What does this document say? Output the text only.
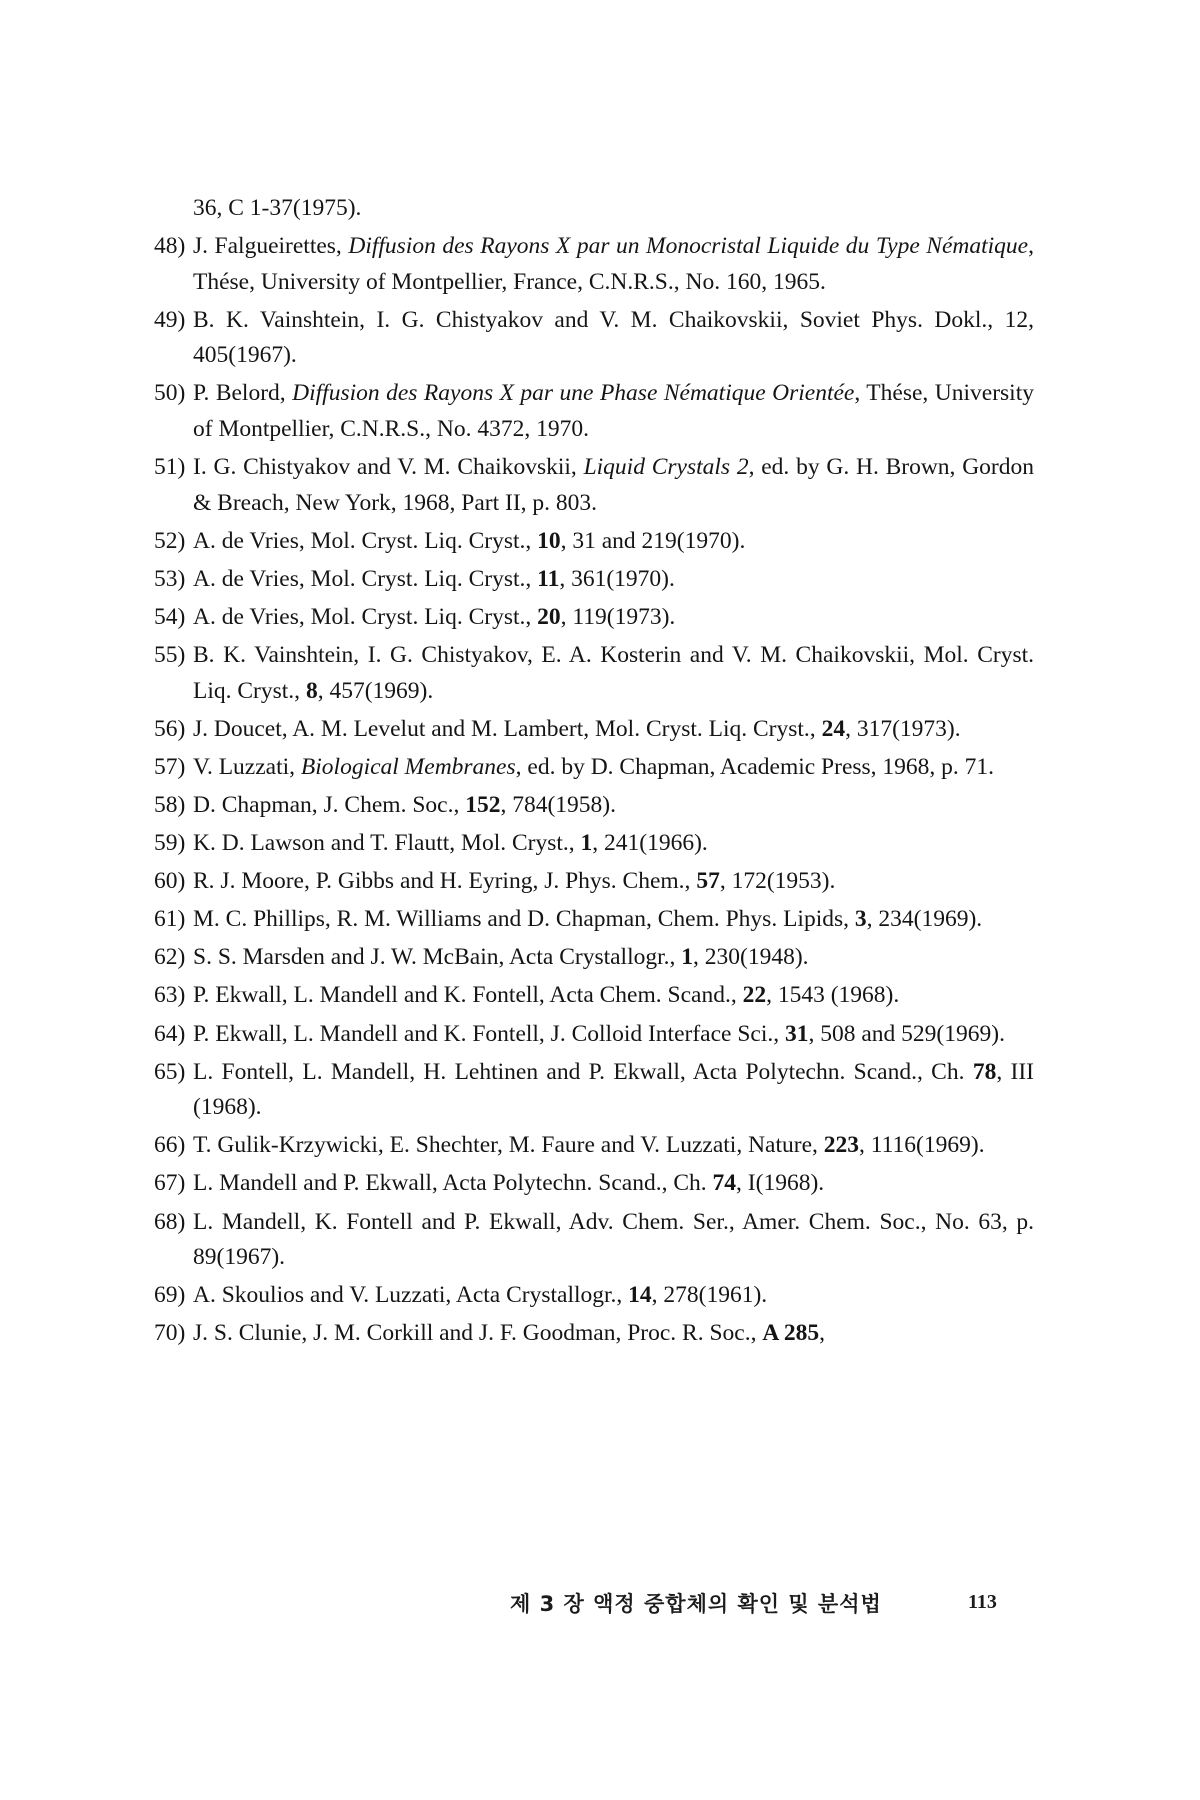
36, C 1-37(1975).
48) J. Falgueirettes, Diffusion des Rayons X par un Monocristal Liquide du Type Nématique, Thése, University of Montpellier, France, C.N.R.S., No. 160, 1965.
49) B. K. Vainshtein, I. G. Chistyakov and V. M. Chaikovskii, Soviet Phys. Dokl., 12, 405(1967).
50) P. Belord, Diffusion des Rayons X par une Phase Nématique Orientée, Thése, University of Montpellier, C.N.R.S., No. 4372, 1970.
51) I. G. Chistyakov and V. M. Chaikovskii, Liquid Crystals 2, ed. by G. H. Brown, Gordon & Breach, New York, 1968, Part II, p. 803.
52) A. de Vries, Mol. Cryst. Liq. Cryst., 10, 31 and 219(1970).
53) A. de Vries, Mol. Cryst. Liq. Cryst., 11, 361(1970).
54) A. de Vries, Mol. Cryst. Liq. Cryst., 20, 119(1973).
55) B. K. Vainshtein, I. G. Chistyakov, E. A. Kosterin and V. M. Chaikovskii, Mol. Cryst. Liq. Cryst., 8, 457(1969).
56) J. Doucet, A. M. Levelut and M. Lambert, Mol. Cryst. Liq. Cryst., 24, 317(1973).
57) V. Luzzati, Biological Membranes, ed. by D. Chapman, Academic Press, 1968, p. 71.
58) D. Chapman, J. Chem. Soc., 152, 784(1958).
59) K. D. Lawson and T. Flautt, Mol. Cryst., 1, 241(1966).
60) R. J. Moore, P. Gibbs and H. Eyring, J. Phys. Chem., 57, 172(1953).
61) M. C. Phillips, R. M. Williams and D. Chapman, Chem. Phys. Lipids, 3, 234(1969).
62) S. S. Marsden and J. W. McBain, Acta Crystallogr., 1, 230(1948).
63) P. Ekwall, L. Mandell and K. Fontell, Acta Chem. Scand., 22, 1543 (1968).
64) P. Ekwall, L. Mandell and K. Fontell, J. Colloid Interface Sci., 31, 508 and 529(1969).
65) L. Fontell, L. Mandell, H. Lehtinen and P. Ekwall, Acta Polytechn. Scand., Ch. 78, III (1968).
66) T. Gulik-Krzywicki, E. Shechter, M. Faure and V. Luzzati, Nature, 223, 1116(1969).
67) L. Mandell and P. Ekwall, Acta Polytechn. Scand., Ch. 74, I(1968).
68) L. Mandell, K. Fontell and P. Ekwall, Adv. Chem. Ser., Amer. Chem. Soc., No. 63, p. 89(1967).
69) A. Skoulios and V. Luzzati, Acta Crystallogr., 14, 278(1961).
70) J. S. Clunie, J. M. Corkill and J. F. Goodman, Proc. R. Soc., A 285,
제 3 장 액정 중합체의 확인 및 분석법	113
